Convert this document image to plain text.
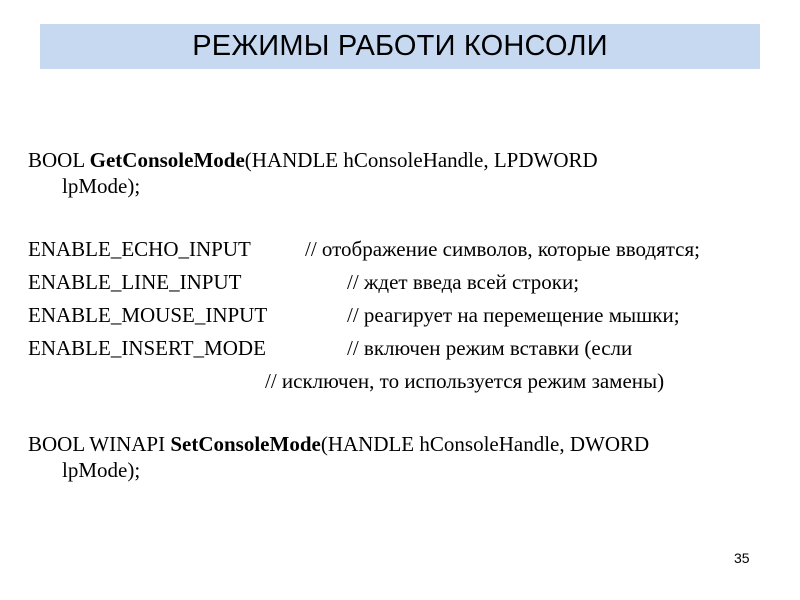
РЕЖИМЫ РАБОТИ КОНСОЛИ
BOOL GetConsoleMode(HANDLE hConsoleHandle, LPDWORD
lpMode);
ENABLE_ECHO_INPUT	// отображение символов, которые вводятся;
ENABLE_LINE_INPUT	// ждет введа всей строки;
ENABLE_MOUSE_INPUT	// реагирует на перемещение мышки;
ENABLE_INSERT_MODE	// включен режим вставки (если
// исключен, то используется режим замены)
BOOL WINAPI SetConsoleMode(HANDLE hConsoleHandle, DWORD
lpMode);
35
